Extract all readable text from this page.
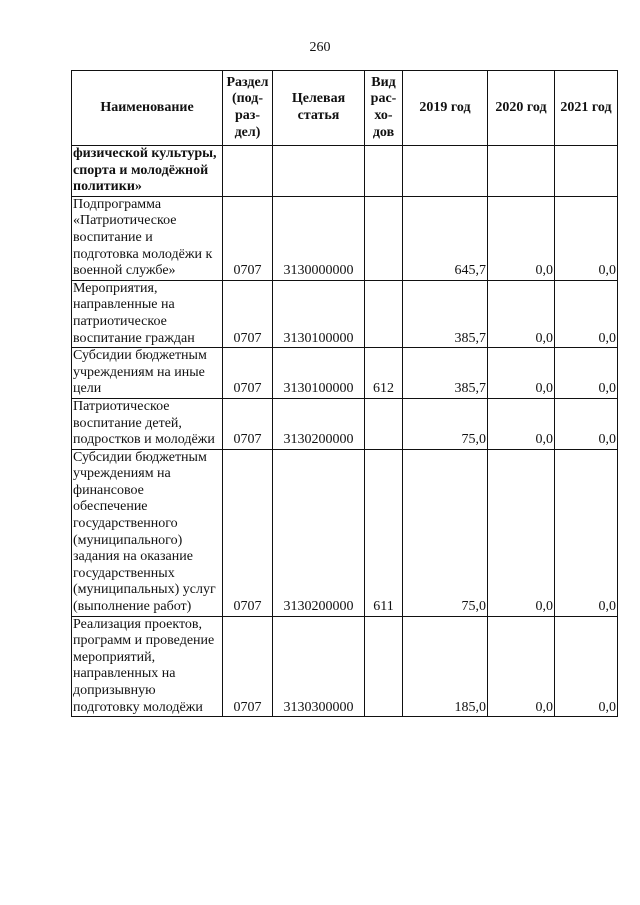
260
Наименование	Раздел (под- раз- дел)	Целевая статья	Вид рас- хо- дов	2019 год	2020 год	2021 год
физической культуры, спорта и молодёжной политики»						
Подпрограмма «Патриотическое воспитание и подготовка молодёжи к военной службе»	0707	3130000000		645,7	0,0	0,0
Мероприятия, направленные на патриотическое воспитание граждан	0707	3130100000		385,7	0,0	0,0
Субсидии бюджетным учреждениям на иные цели	0707	3130100000	612	385,7	0,0	0,0
Патриотическое воспитание детей, подростков и молодёжи	0707	3130200000		75,0	0,0	0,0
Субсидии бюджетным учреждениям на финансовое обеспечение государственного (муниципального) задания на оказание государственных (муниципальных) услуг (выполнение работ)	0707	3130200000	611	75,0	0,0	0,0
Реализация проектов, программ и проведение мероприятий, направленных на допризывную подготовку молодёжи	0707	3130300000		185,0	0,0	0,0
